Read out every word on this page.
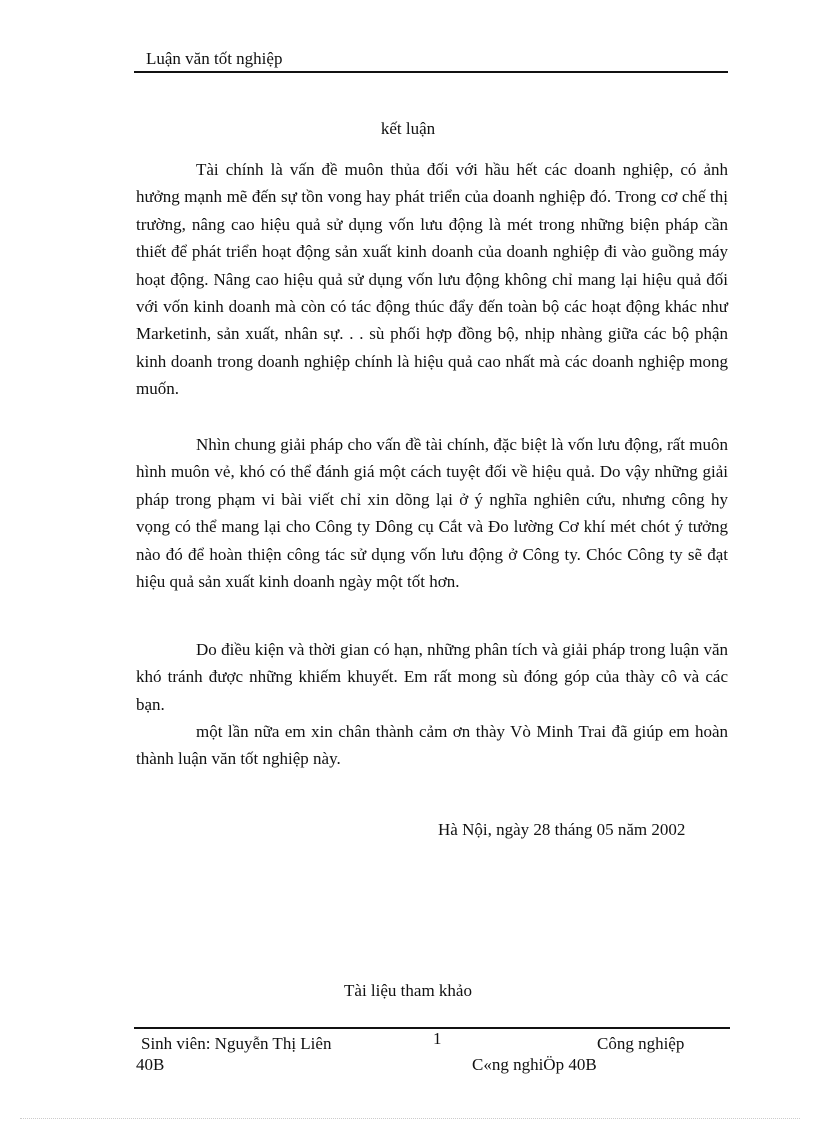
Luận văn tốt nghiệp
kết luận

Tài chính là vấn đề muôn thủa đối với hầu hết các doanh nghiệp, có ảnh hưởng mạnh mẽ đến sự tồn vong hay phát triển của doanh nghiệp đó. Trong cơ chế thị trường, nâng cao hiệu quả sử dụng vốn lưu động là mét trong những biện pháp cần thiết để phát triển hoạt động sản xuất kinh doanh của doanh nghiệp đi vào guồng máy hoạt động. Nâng cao hiệu quả sử dụng vốn lưu động không chỉ mang lại hiệu quả đối với vốn kinh doanh mà còn có tác động thúc đẩy đến toàn bộ các hoạt động khác như Marketinh, sản xuất, nhân sự. . . sù phối hợp đồng bộ, nhịp nhàng giữa các bộ phận kinh doanh trong doanh nghiệp chính là hiệu quả cao nhất mà các doanh nghiệp mong muốn.

Nhìn chung giải pháp cho vấn đề tài chính, đặc biệt là vốn lưu động, rất muôn hình muôn vẻ, khó có thể đánh giá một cách tuyệt đối về hiệu quả. Do vậy những giải pháp trong phạm vi bài viết chỉ xin dõng lại ở ý nghĩa nghiên cứu, nhưng công hy vọng có thể mang lại cho Công ty Dông cụ Cắt và Đo lường Cơ khí mét chót ý tưởng nào đó để hoàn thiện công tác sử dụng vốn lưu động ở Công ty. Chóc Công ty sẽ đạt hiệu quả sản xuất kinh doanh ngày một tốt hơn.

Do điều kiện và thời gian có hạn, những phân tích và giải pháp trong luận văn khó tránh được những khiếm khuyết. Em rất mong sù đóng góp của thày cô và các bạn.

một lần nữa em xin chân thành cảm ơn thày Vò Minh Trai đã giúp em hoàn thành luận văn tốt nghiệp này.

Hà Nội, ngày 28 tháng 05 năm 2002
Tài liệu tham khảo
Sinh viên: Nguyễn Thị Liên	1	Công nghiệp
40B	C«ng nghiÖp 40B
